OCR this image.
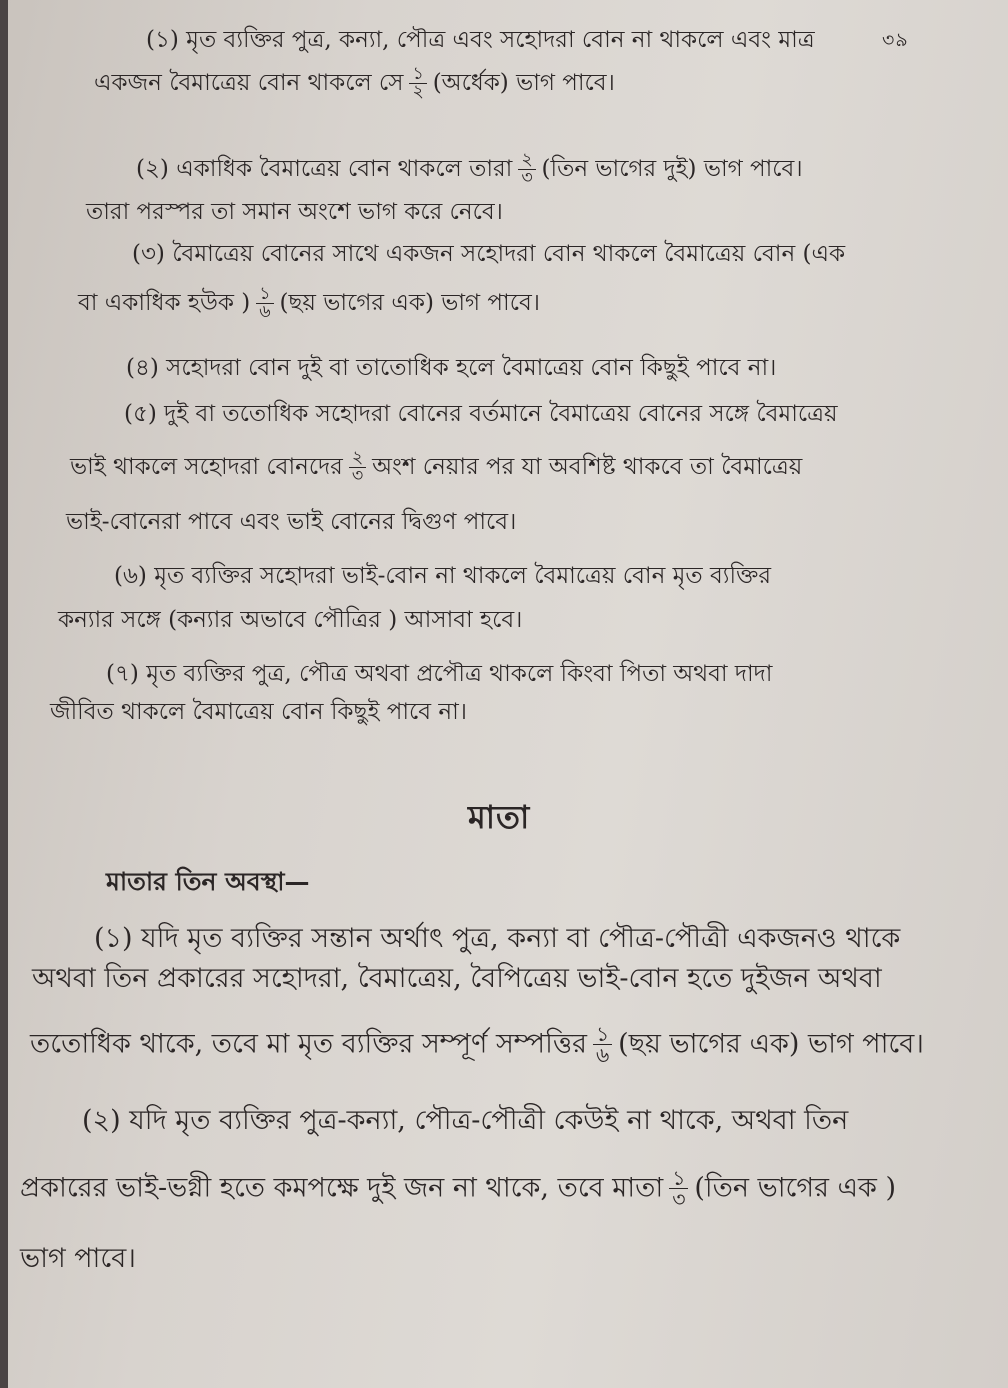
৩৯
(১) মৃত ব্যক্তির পুত্র, কন্যা, পৌত্র এবং সহোদরা বোন না থাকলে এবং মাত্র
একজন বৈমাত্রেয় বোন থাকলে সে $\frac{১}{২}$ (অর্ধেক) ভাগ পাবে।
(২) একাধিক বৈমাত্রেয় বোন থাকলে তারা $\frac{২}{৩}$ (তিন ভাগের দুই) ভাগ পাবে।
তারা পরস্পর তা সমান অংশে ভাগ করে নেবে।
(৩) বৈমাত্রেয় বোনের সাথে একজন সহোদরা বোন থাকলে বৈমাত্রেয় বোন (এক
বা একাধিক হউক ) $\frac{১}{৬}$ (ছয় ভাগের এক) ভাগ পাবে।
(৪) সহোদরা বোন দুই বা তাতোধিক হলে বৈমাত্রেয় বোন কিছুই পাবে না।
(৫) দুই বা ততোধিক সহোদরা বোনের বর্তমানে বৈমাত্রেয় বোনের সঙ্গে বৈমাত্রেয়
ভাই থাকলে সহোদরা বোনদের $\frac{২}{৩}$ অংশ নেয়ার পর যা অবশিষ্ট থাকবে তা বৈমাত্রেয়
ভাই-বোনেরা পাবে এবং ভাই বোনের দ্বিগুণ পাবে।
(৬) মৃত ব্যক্তির সহোদরা ভাই-বোন না থাকলে বৈমাত্রেয় বোন মৃত ব্যক্তির
কন্যার সঙ্গে (কন্যার অভাবে পৌত্রির ) আসাবা হবে।
(৭) মৃত ব্যক্তির পুত্র, পৌত্র অথবা প্রপৌত্র থাকলে কিংবা পিতা অথবা দাদা
জীবিত থাকলে বৈমাত্রেয় বোন কিছুই পাবে না।
মাতা
মাতার তিন অবস্থা—
(১) যদি মৃত ব্যক্তির সন্তান অর্থাৎ পুত্র, কন্যা বা পৌত্র-পৌত্রী একজনও থাকে
অথবা তিন প্রকারের সহোদরা, বৈমাত্রেয়, বৈপিত্রেয় ভাই-বোন হতে দুইজন অথবা
ততোধিক থাকে, তবে মা মৃত ব্যক্তির সম্পূর্ণ সম্পত্তির $\frac{১}{৬}$ (ছয় ভাগের এক) ভাগ পাবে।
(২) যদি মৃত ব্যক্তির পুত্র-কন্যা, পৌত্র-পৌত্রী কেউই না থাকে, অথবা তিন
প্রকারের ভাই-ভগ্নী হতে কমপক্ষে দুই জন না থাকে, তবে মাতা $\frac{১}{৩}$ (তিন ভাগের এক )
ভাগ পাবে।
